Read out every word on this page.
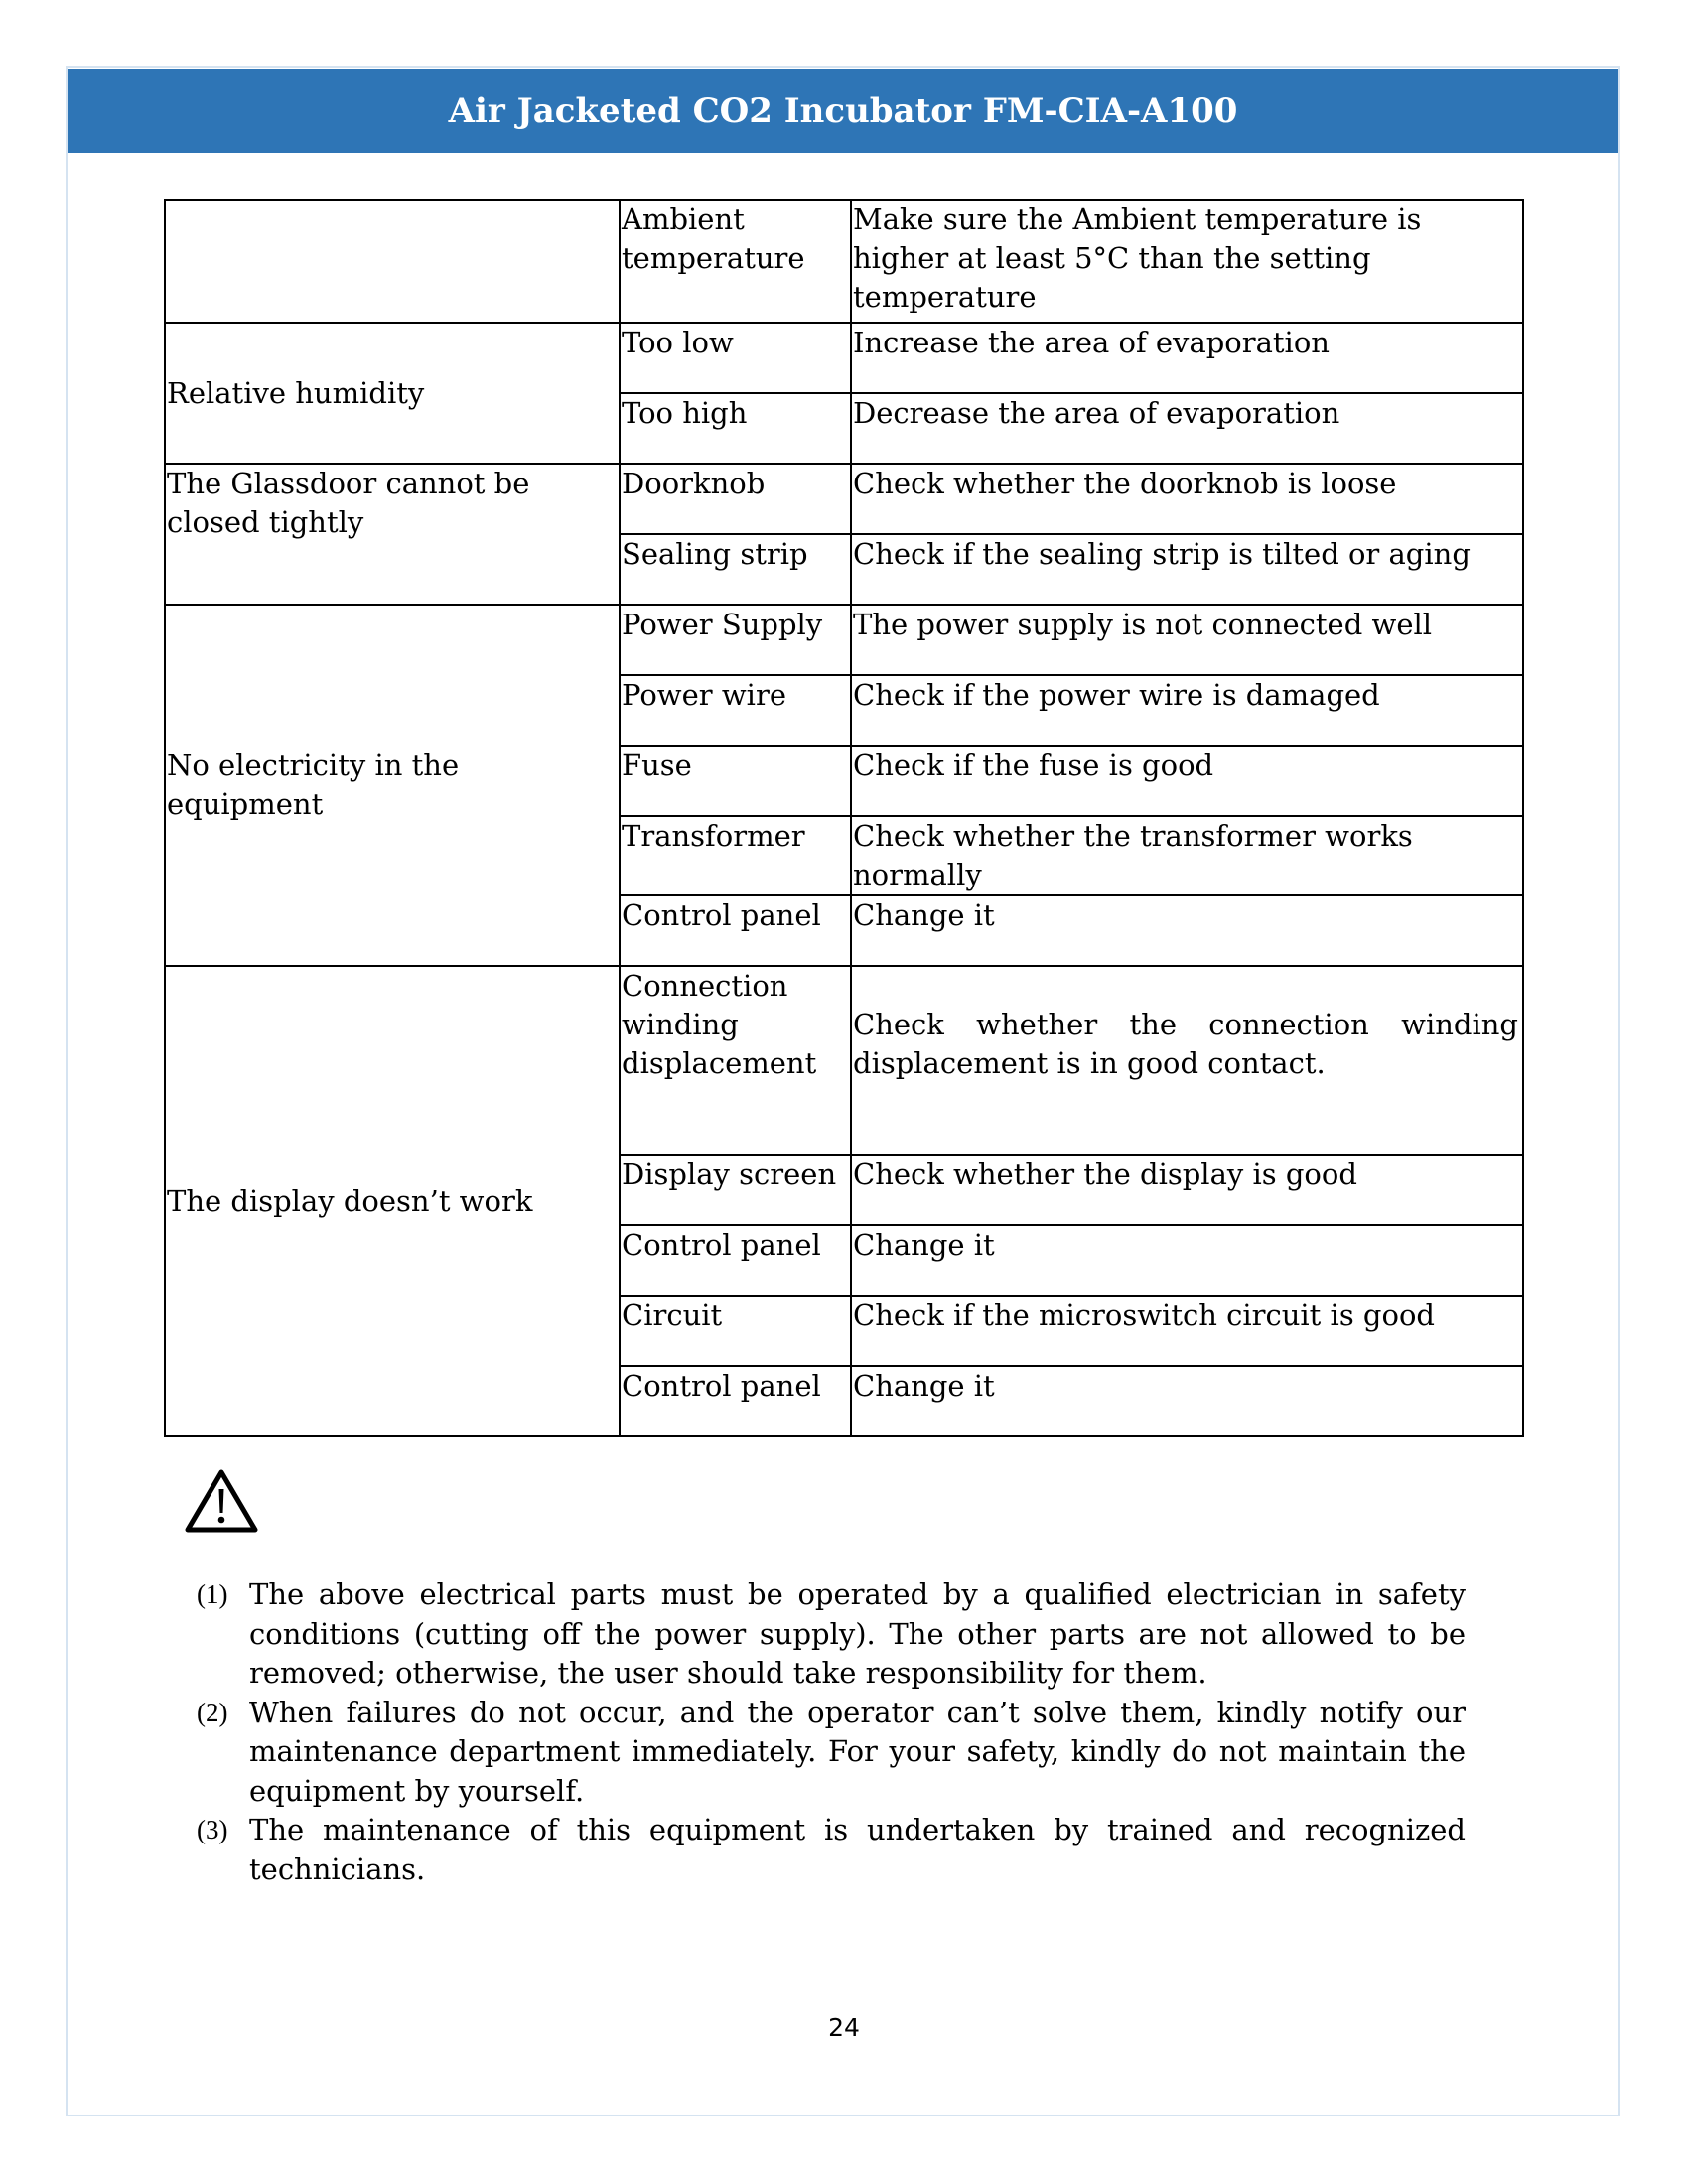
Air Jacketed CO2 Incubator FM-CIA-A100
	Ambient temperature	Make sure the Ambient temperature is higher at least 5°C than the setting temperature
Relative humidity	Too low	Increase the area of evaporation
	Too high	Decrease the area of evaporation
The Glassdoor cannot be closed tightly	Doorknob	Check whether the doorknob is loose
	Sealing strip	Check if the sealing strip is tilted or aging
No electricity in the equipment	Power Supply	The power supply is not connected well
	Power wire	Check if the power wire is damaged
	Fuse	Check if the fuse is good
	Transformer	Check whether the transformer works normally
	Control panel	Change it
The display doesn’t work	Connection winding displacement	Check whether the connection winding displacement is in good contact.
	Display screen	Check whether the display is good
	Control panel	Change it
	Circuit	Check if the microswitch circuit is good
	Control panel	Change it
(1) The above electrical parts must be operated by a qualified electrician in safety conditions (cutting off the power supply). The other parts are not allowed to be removed; otherwise, the user should take responsibility for them.
(2) When failures do not occur, and the operator can’t solve them, kindly notify our maintenance department immediately. For your safety, kindly do not maintain the equipment by yourself.
(3) The maintenance of this equipment is undertaken by trained and recognized technicians.
24
